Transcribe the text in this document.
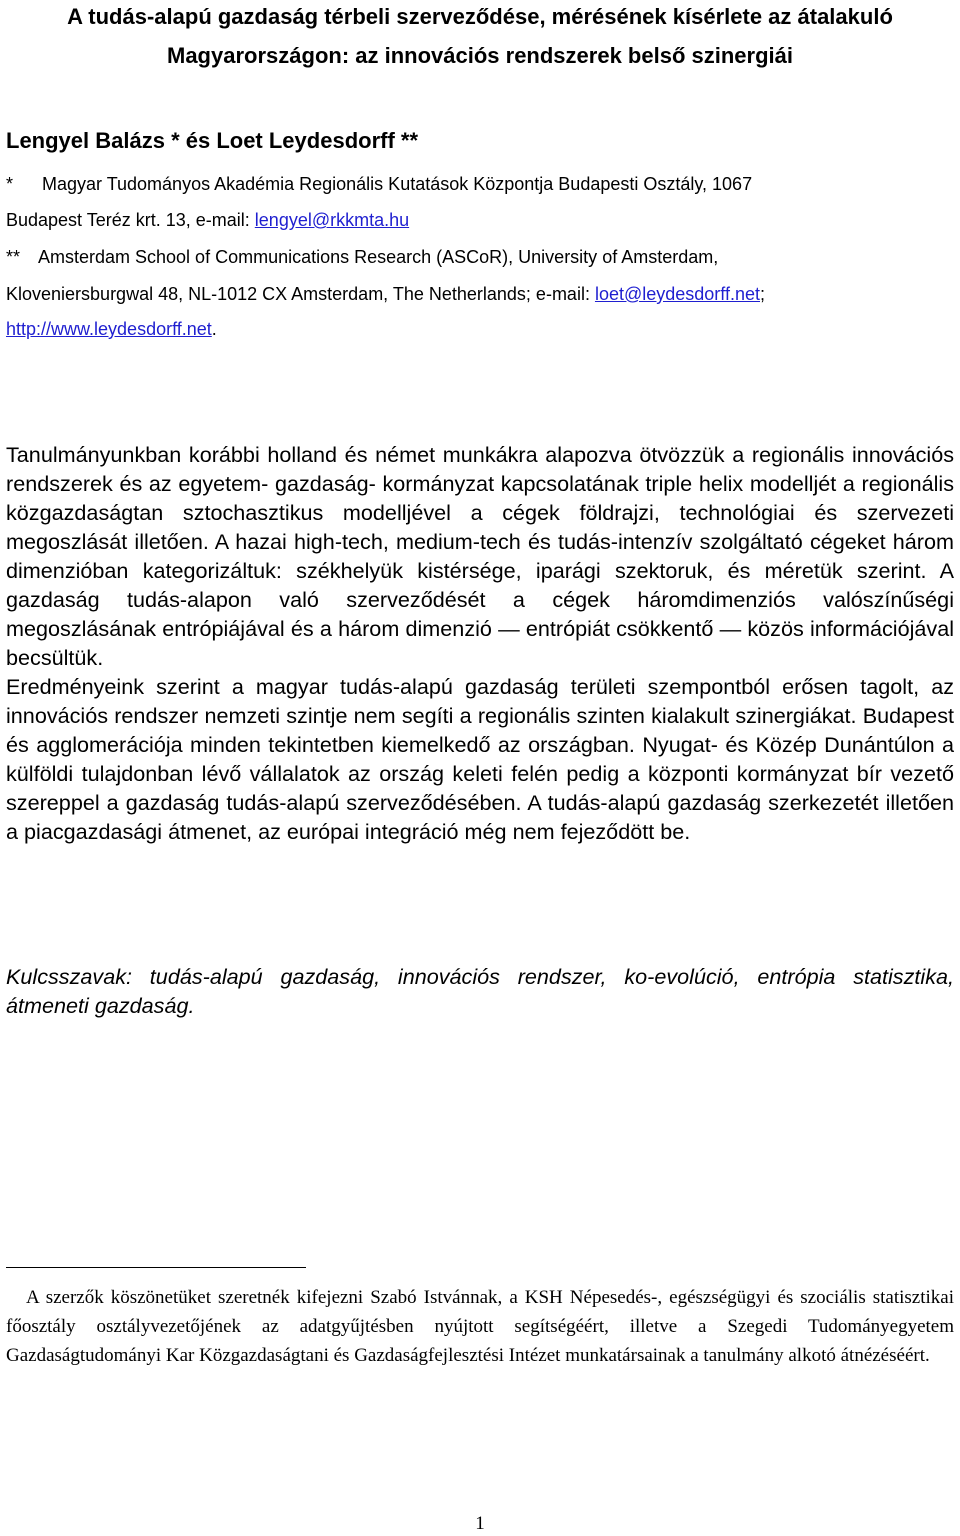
A tudás-alapú gazdaság térbeli szerveződése, mérésének kísérlete az átalakuló
Magyarországon: az innovációs rendszerek belső szinergiái
Lengyel Balázs * és Loet Leydesdorff **
* Magyar Tudományos Akadémia Regionális Kutatások Központja Budapesti Osztály, 1067
Budapest Teréz krt. 13, e-mail: lengyel@rkkmta.hu
** Amsterdam School of Communications Research (ASCoR), University of Amsterdam,
Kloveniersburgwal 48, NL-1012 CX Amsterdam, The Netherlands; e-mail: loet@leydesdorff.net;
http://www.leydesdorff.net.

Tanulmányunkban korábbi holland és német munkákra alapozva ötvözzük a regionális innovációs rendszerek és az egyetem- gazdaság- kormányzat kapcsolatának triple helix modelljét a regionális közgazdaságtan sztochasztikus modelljével a cégek földrajzi, technológiai és szervezeti megoszlását illetően. A hazai high-tech, medium-tech és tudás-intenzív szolgáltató cégeket három dimenzióban kategorizáltuk: székhelyük kistérsége, iparági szektoruk, és méretük szerint. A gazdaság tudás-alapon való szerveződését a cégek háromdimenziós valószínűségi megoszlásának entrópiájával és a három dimenzió — entrópiát csökkentő — közös információjával becsültük.

Eredményeink szerint a magyar tudás-alapú gazdaság területi szempontból erősen tagolt, az innovációs rendszer nemzeti szintje nem segíti a regionális szinten kialakult szinergiákat. Budapest és agglomerációja minden tekintetben kiemelkedő az országban. Nyugat- és Közép Dunántúlon a külföldi tulajdonban lévő vállalatok az ország keleti felén pedig a központi kormányzat bír vezető szereppel a gazdaság tudás-alapú szerveződésében. A tudás-alapú gazdaság szerkezetét illetően a piacgazdasági átmenet, az európai integráció még nem fejeződött be.

Kulcsszavak: tudás-alapú gazdaság, innovációs rendszer, ko-evolúció, entrópia statisztika, átmeneti gazdaság.
A szerzők köszönetüket szeretnék kifejezni Szabó Istvánnak, a KSH Népesedés-, egészségügyi és szociális statisztikai főosztály osztályvezetőjének az adatgyűjtésben nyújtott segítségéért, illetve a Szegedi Tudományegyetem Gazdaságtudományi Kar Közgazdaságtani és Gazdaságfejlesztési Intézet munkatársainak a tanulmány alkotó átnézéséért.
1
